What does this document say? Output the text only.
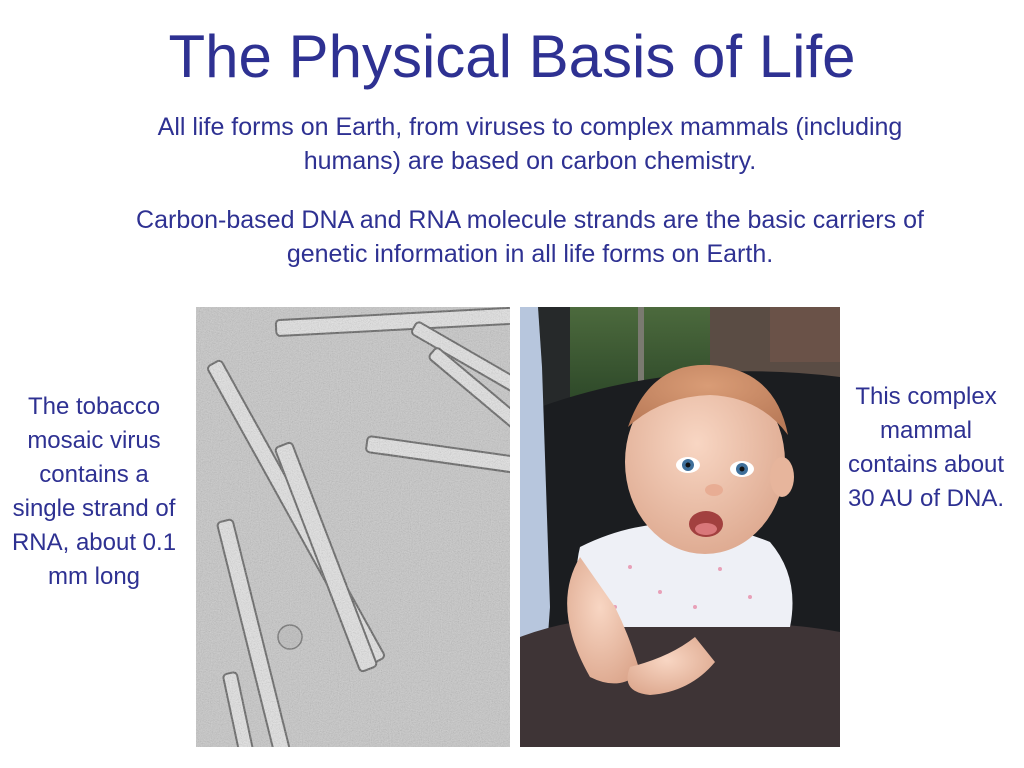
The Physical Basis of Life

All life forms on Earth, from viruses to complex mammals (including humans) are based on carbon chemistry.

Carbon-based DNA and RNA molecule strands are the basic carriers of genetic information in all life forms on Earth.

The tobacco mosaic virus contains a single strand of RNA, about 0.1 mm long

This complex mammal contains about 30 AU of DNA.
